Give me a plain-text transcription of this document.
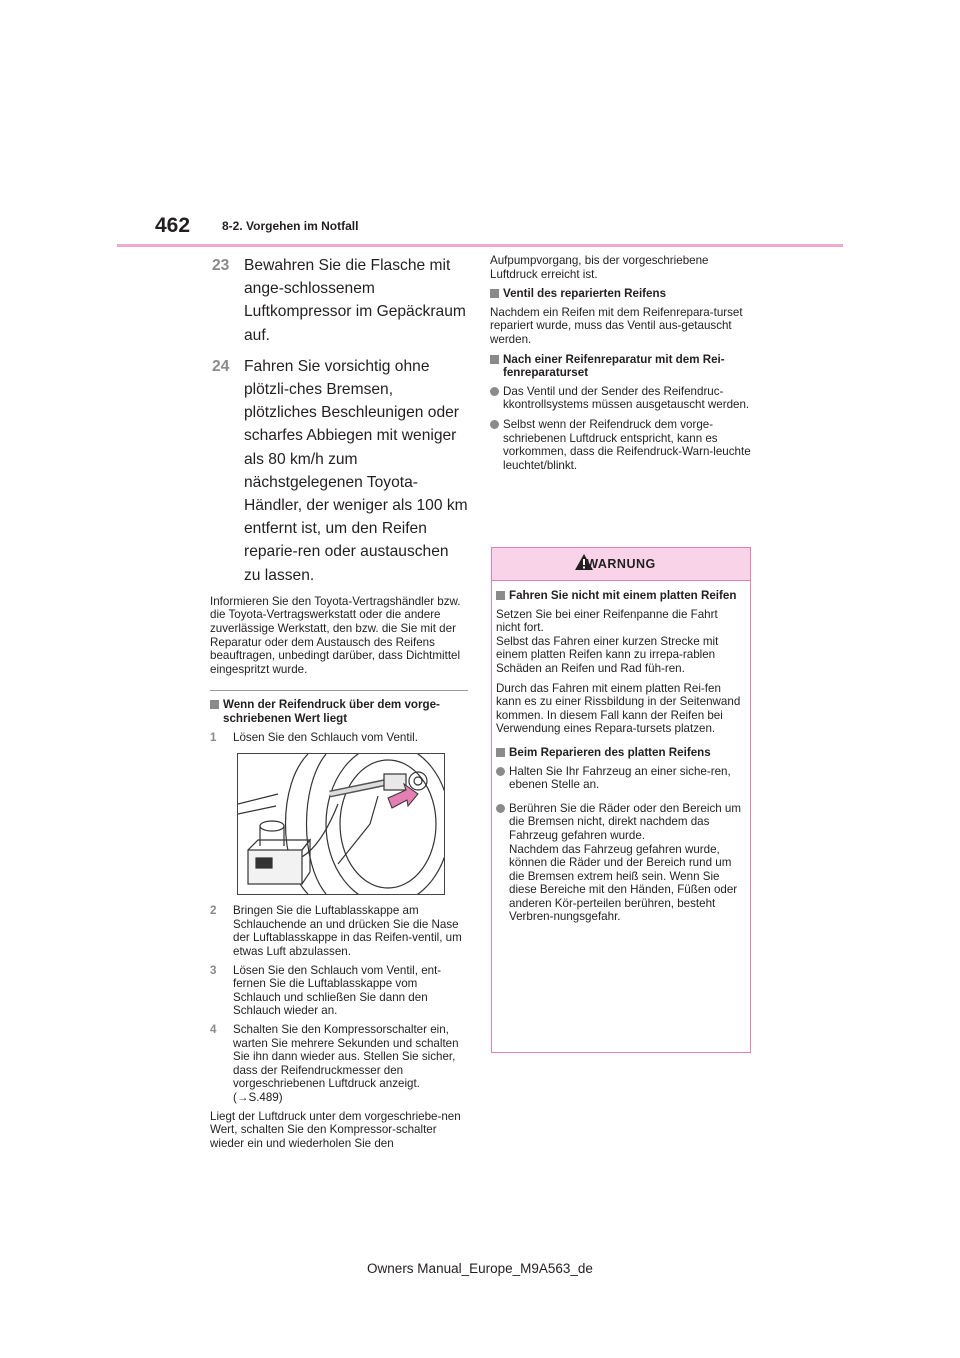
462	8-2. Vorgehen im Notfall
23 Bewahren Sie die Flasche mit ange-schlossenem Luftkompressor im Gepäckraum auf.
24 Fahren Sie vorsichtig ohne plötzli-ches Bremsen, plötzliches Beschleunigen oder scharfes Abbiegen mit weniger als 80 km/h zum nächstgelegenen Toyota-Händler, der weniger als 100 km entfernt ist, um den Reifen reparie-ren oder austauschen zu lassen.

Informieren Sie den Toyota-Vertragshändler bzw. die Toyota-Vertragswerkstatt oder die andere zuverlässige Werkstatt, den bzw. die Sie mit der Reparatur oder dem Austausch des Reifens beauftragen, unbedingt darüber, dass Dichtmittel eingespritzt wurde.

Wenn der Reifendruck über dem vorge-schriebenen Wert liegt
1 Lösen Sie den Schlauch vom Ventil.
2 Bringen Sie die Luftablasskappe am Schlauchende an und drücken Sie die Nase der Luftablasskappe in das Reifen-ventil, um etwas Luft abzulassen.
3 Lösen Sie den Schlauch vom Ventil, ent-fernen Sie die Luftablasskappe vom Schlauch und schließen Sie dann den Schlauch wieder an.
4 Schalten Sie den Kompressorschalter ein, warten Sie mehrere Sekunden und schalten Sie ihn dann wieder aus. Stellen Sie sicher, dass der Reifendruckmesser den vorgeschriebenen Luftdruck anzeigt. (→S.489)

Liegt der Luftdruck unter dem vorgeschriebe-nen Wert, schalten Sie den Kompressor-schalter wieder ein und wiederholen Sie den

Aufpumpvorgang, bis der vorgeschriebene Luftdruck erreicht ist.

Ventil des reparierten Reifens

Nachdem ein Reifen mit dem Reifenrepara-turset repariert wurde, muss das Ventil aus-getauscht werden.

Nach einer Reifenreparatur mit dem Rei-fenreparaturset
Das Ventil und der Sender des Reifendruc-kkontrollsystems müssen ausgetauscht werden.
Selbst wenn der Reifendruck dem vorge-schriebenen Luftdruck entspricht, kann es vorkommen, dass die Reifendruck-Warn-leuchte leuchtet/blinkt.
WARNUNG
Fahren Sie nicht mit einem platten Reifen

Setzen Sie bei einer Reifenpanne die Fahrt nicht fort.

Selbst das Fahren einer kurzen Strecke mit einem platten Reifen kann zu irrepa-rablen Schäden an Reifen und Rad füh-ren.

Durch das Fahren mit einem platten Rei-fen kann es zu einer Rissbildung in der Seitenwand kommen. In diesem Fall kann der Reifen bei Verwendung eines Repara-tursets platzen.

Beim Reparieren des platten Reifens
Halten Sie Ihr Fahrzeug an einer siche-ren, ebenen Stelle an.
Berühren Sie die Räder oder den Bereich um die Bremsen nicht, direkt nachdem das Fahrzeug gefahren wurde.
Nachdem das Fahrzeug gefahren wurde, können die Räder und der Bereich rund um die Bremsen extrem heiß sein. Wenn Sie diese Bereiche mit den Händen, Füßen oder anderen Kör-perteilen berühren, besteht Verbren-nungsgefahr.
Owners Manual_Europe_M9A563_de
